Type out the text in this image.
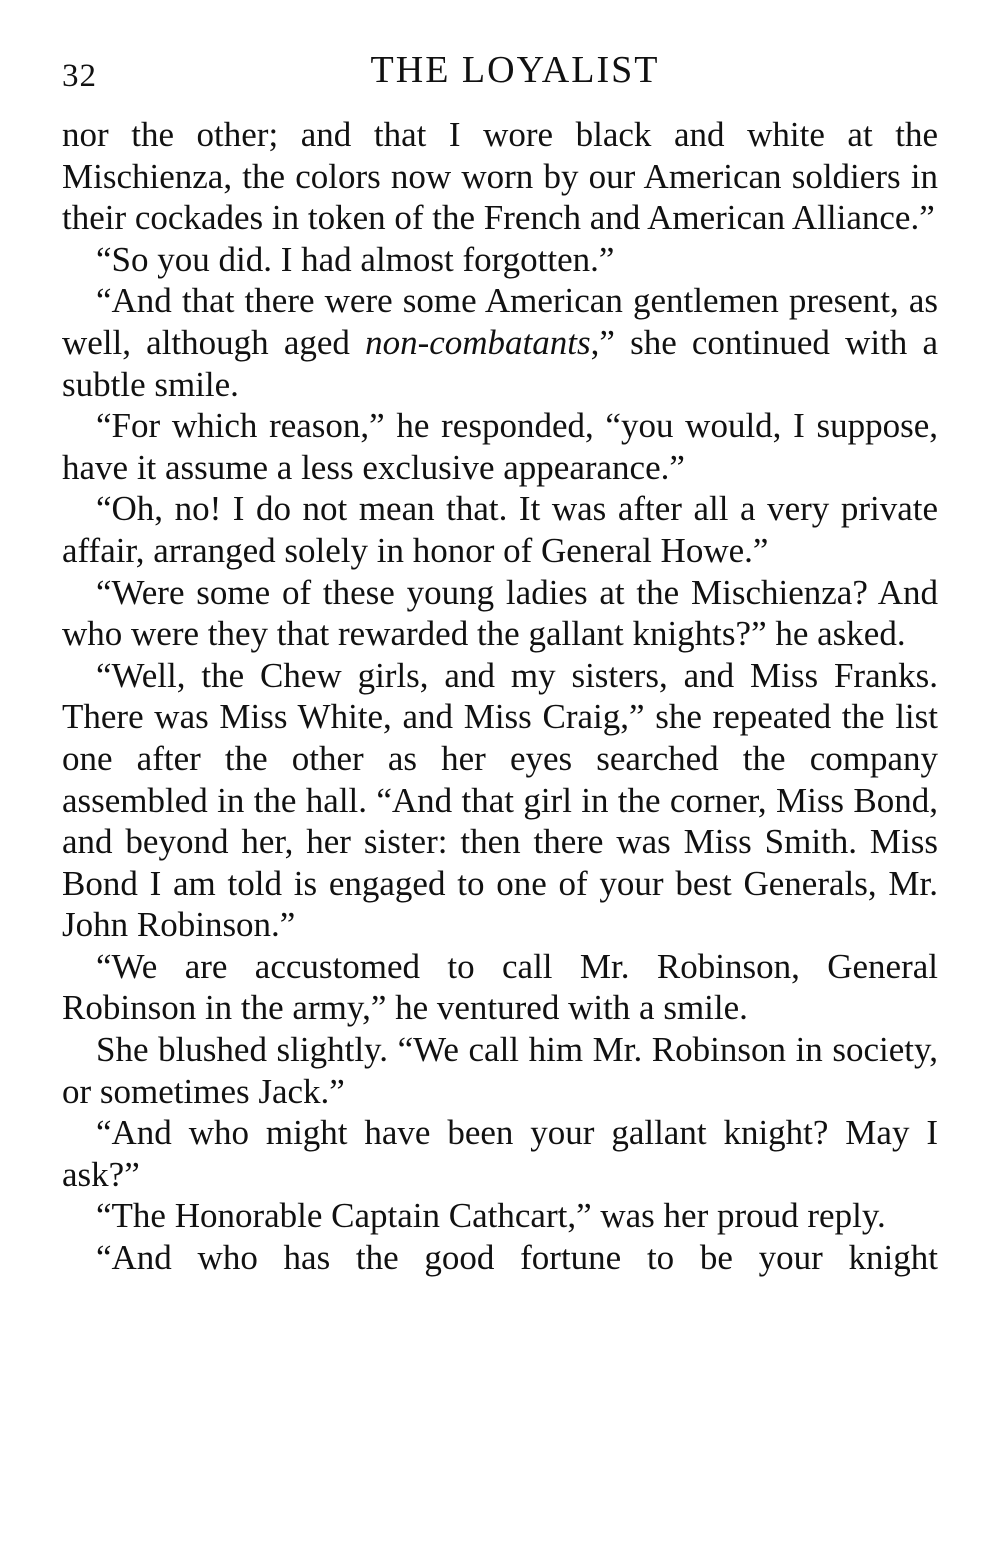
32	THE LOYALIST

nor the other; and that I wore black and white at the Mischienza, the colors now worn by our American soldiers in their cockades in token of the French and American Alliance.”

“So you did. I had almost forgotten.”

“And that there were some American gentlemen present, as well, although aged non-combatants,” she continued with a subtle smile.

“For which reason,” he responded, “you would, I suppose, have it assume a less exclusive appearance.”

“Oh, no! I do not mean that. It was after all a very private affair, arranged solely in honor of General Howe.”

“Were some of these young ladies at the Mischienza? And who were they that rewarded the gallant knights?” he asked.

“Well, the Chew girls, and my sisters, and Miss Franks. There was Miss White, and Miss Craig,” she repeated the list one after the other as her eyes searched the company assembled in the hall. “And that girl in the corner, Miss Bond, and beyond her, her sister: then there was Miss Smith. Miss Bond I am told is engaged to one of your best Generals, Mr. John Robinson.”

“We are accustomed to call Mr. Robinson, General Robinson in the army,” he ventured with a smile.

She blushed slightly. “We call him Mr. Robinson in society, or sometimes Jack.”

“And who might have been your gallant knight? May I ask?”

“The Honorable Captain Cathcart,” was her proud reply.

“And who has the good fortune to be your knight
